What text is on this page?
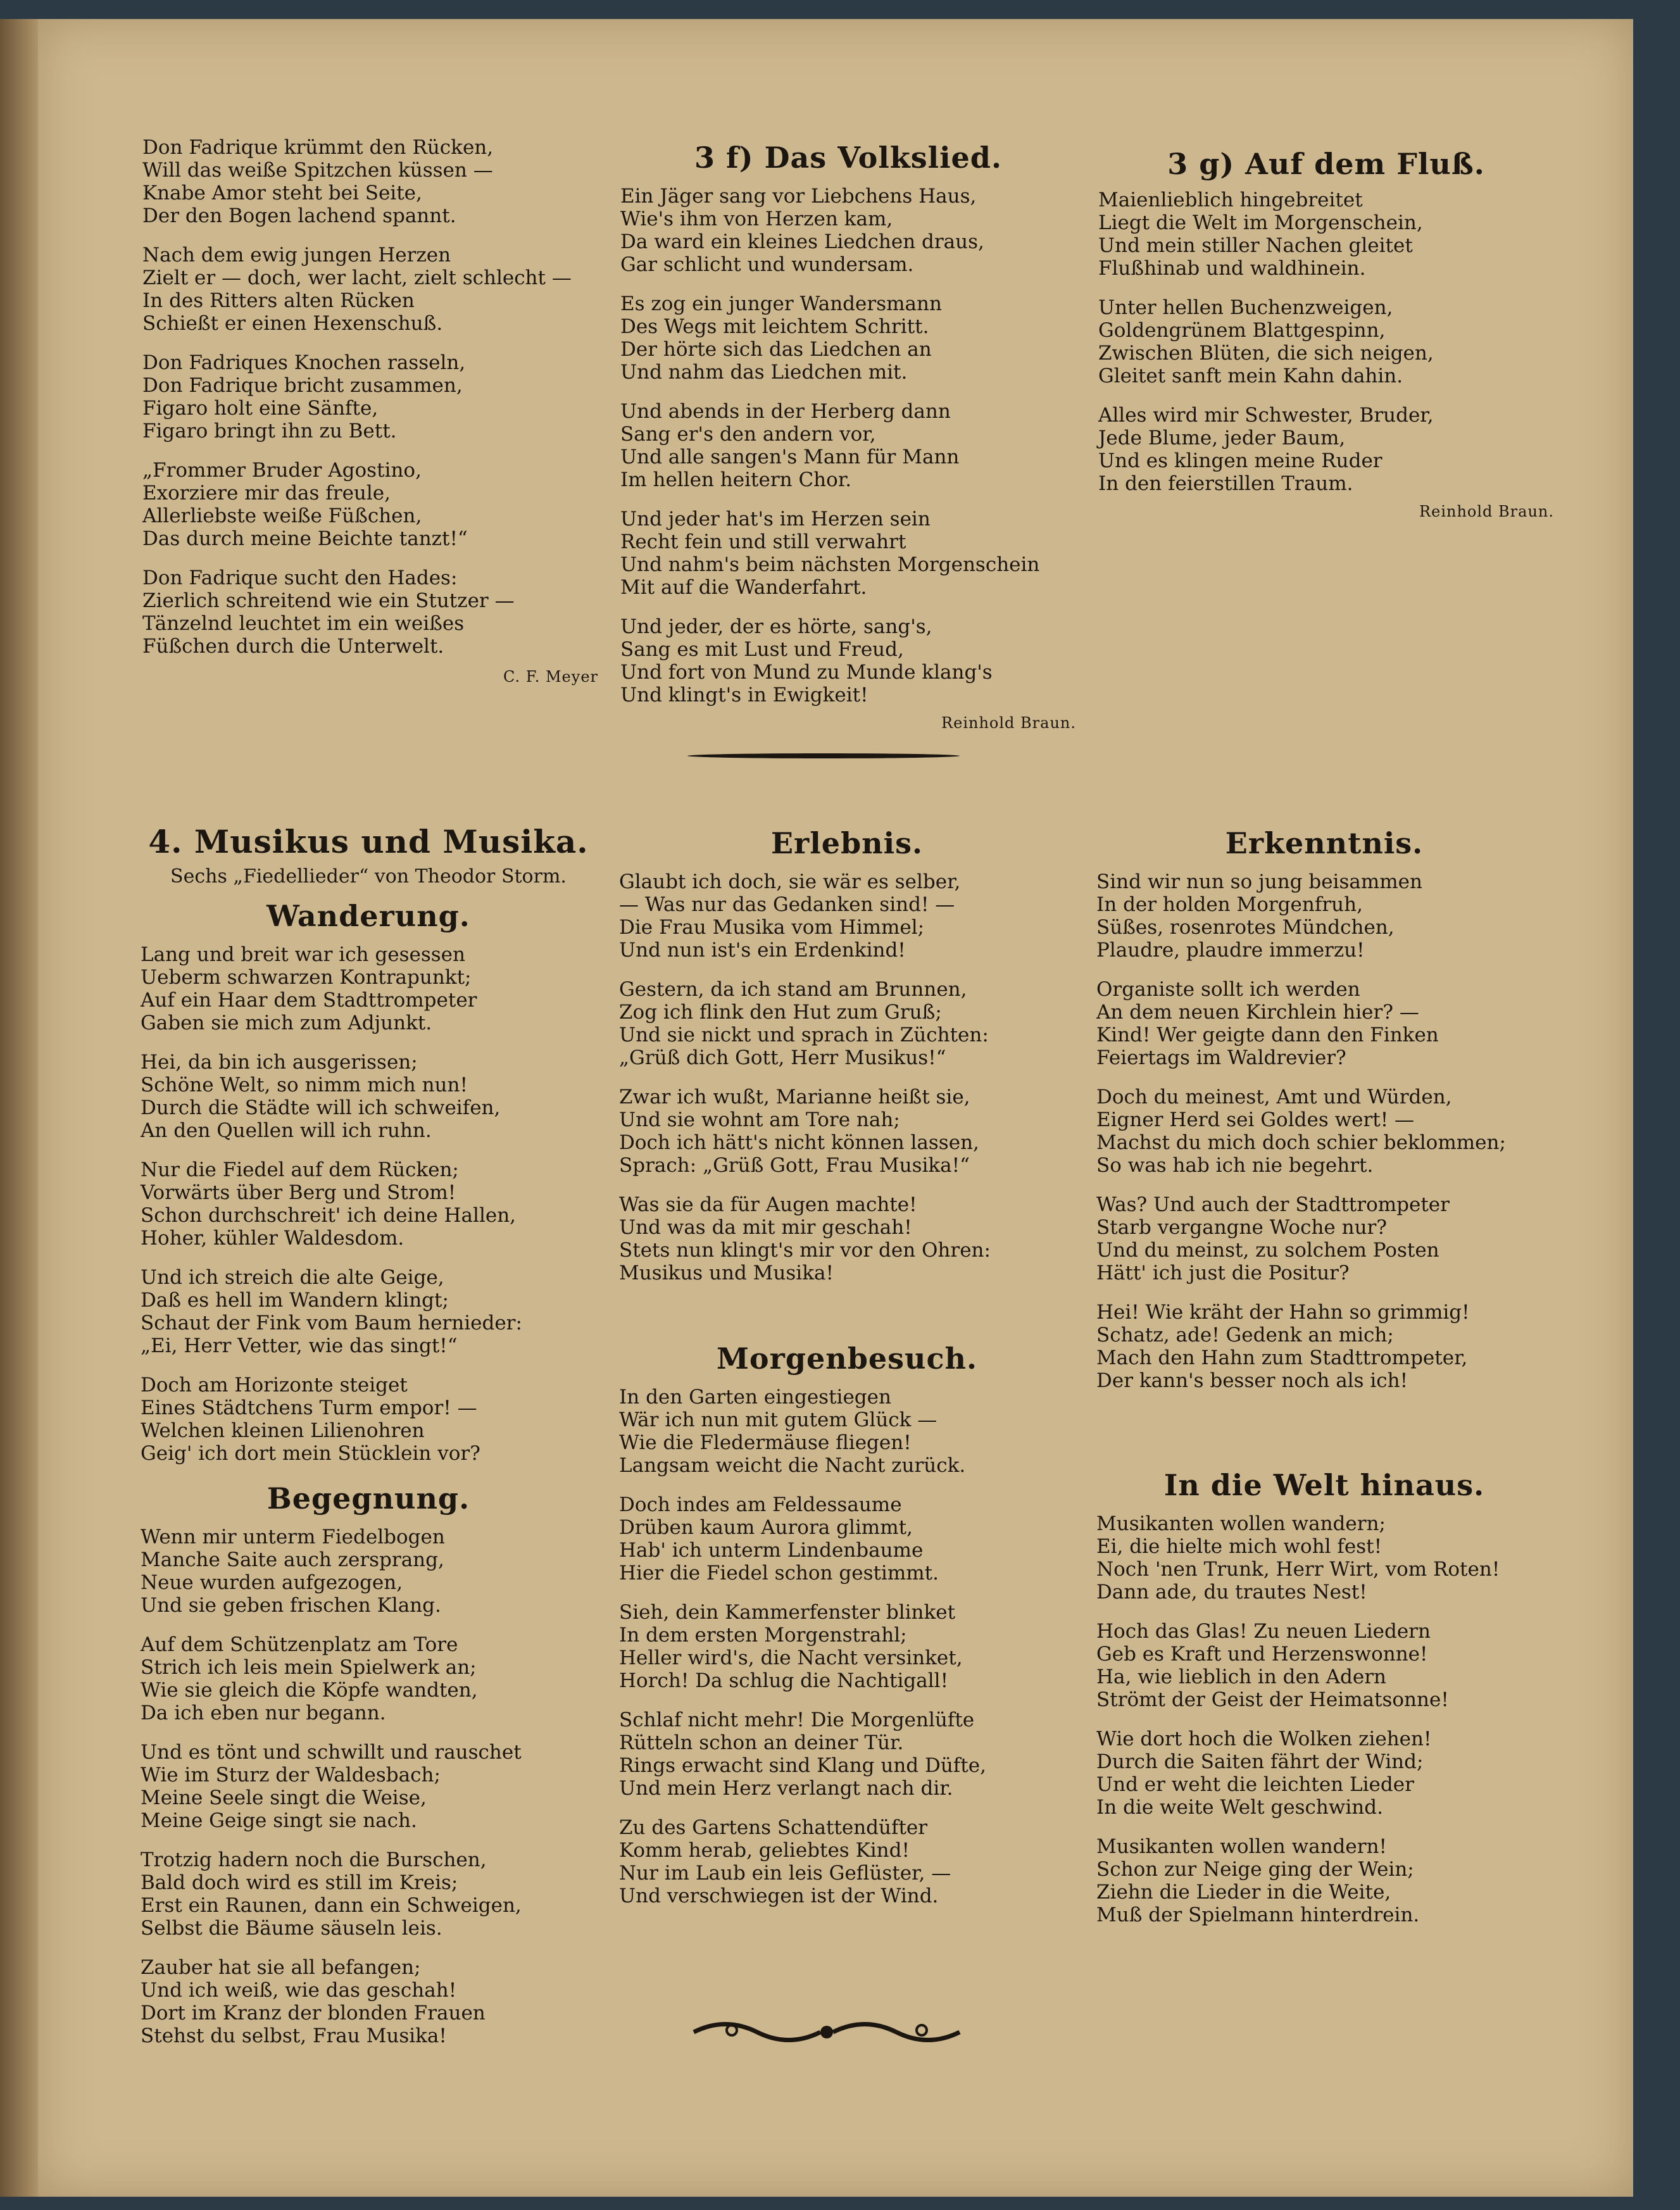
Don Fadrique krümmt den Rücken,
Will das weiße Spitzchen küssen —
Knabe Amor steht bei Seite,
Der den Bogen lachend spannt.
Nach dem ewig jungen Herzen
Zielt er — doch, wer lacht, zielt schlecht —
In des Ritters alten Rücken
Schießt er einen Hexenschuß.
Don Fadriques Knochen rasseln,
Don Fadrique bricht zusammen,
Figaro holt eine Sänfte,
Figaro bringt ihn zu Bett.
„Frommer Bruder Agostino,
Exorziere mir das freule,
Allerliebste weiße Füßchen,
Das durch meine Beichte tanzt!“
Don Fadrique sucht den Hades:
Zierlich schreitend wie ein Stutzer —
Tänzelnd leuchtet im ein weißes
Füßchen durch die Unterwelt.
C. F. Meyer
3 f) Das Volkslied.
Ein Jäger sang vor Liebchens Haus,
Wie's ihm von Herzen kam,
Da ward ein kleines Liedchen draus,
Gar schlicht und wundersam.
Es zog ein junger Wandersmann
Des Wegs mit leichtem Schritt.
Der hörte sich das Liedchen an
Und nahm das Liedchen mit.
Und abends in der Herberg dann
Sang er's den andern vor,
Und alle sangen's Mann für Mann
Im hellen heitern Chor.
Und jeder hat's im Herzen sein
Recht fein und still verwahrt
Und nahm's beim nächsten Morgenschein
Mit auf die Wanderfahrt.
Und jeder, der es hörte, sang's,
Sang es mit Lust und Freud,
Und fort von Mund zu Munde klang's
Und klingt's in Ewigkeit!
Reinhold Braun.
3 g) Auf dem Fluß.
Maienlieblich hingebreitet
Liegt die Welt im Morgenschein,
Und mein stiller Nachen gleitet
Flußhinab und waldhinein.
Unter hellen Buchenzweigen,
Goldengrünem Blattgespinn,
Zwischen Blüten, die sich neigen,
Gleitet sanft mein Kahn dahin.
Alles wird mir Schwester, Bruder,
Jede Blume, jeder Baum,
Und es klingen meine Ruder
In den feierstillen Traum.
Reinhold Braun.
4. Musikus und Musika.
Sechs „Fiedellieder“ von Theodor Storm.
Wanderung.
Lang und breit war ich gesessen
Ueberm schwarzen Kontrapunkt;
Auf ein Haar dem Stadttrompeter
Gaben sie mich zum Adjunkt.
Hei, da bin ich ausgerissen;
Schöne Welt, so nimm mich nun!
Durch die Städte will ich schweifen,
An den Quellen will ich ruhn.
Nur die Fiedel auf dem Rücken;
Vorwärts über Berg und Strom!
Schon durchschreit' ich deine Hallen,
Hoher, kühler Waldesdom.
Und ich streich die alte Geige,
Daß es hell im Wandern klingt;
Schaut der Fink vom Baum hernieder:
„Ei, Herr Vetter, wie das singt!“
Doch am Horizonte steiget
Eines Städtchens Turm empor! —
Welchen kleinen Lilienohren
Geig' ich dort mein Stücklein vor?
Begegnung.
Wenn mir unterm Fiedelbogen
Manche Saite auch zersprang,
Neue wurden aufgezogen,
Und sie geben frischen Klang.
Auf dem Schützenplatz am Tore
Strich ich leis mein Spielwerk an;
Wie sie gleich die Köpfe wandten,
Da ich eben nur begann.
Und es tönt und schwillt und rauschet
Wie im Sturz der Waldesbach;
Meine Seele singt die Weise,
Meine Geige singt sie nach.
Trotzig hadern noch die Burschen,
Bald doch wird es still im Kreis;
Erst ein Raunen, dann ein Schweigen,
Selbst die Bäume säuseln leis.
Zauber hat sie all befangen;
Und ich weiß, wie das geschah!
Dort im Kranz der blonden Frauen
Stehst du selbst, Frau Musika!
Erlebnis.
Glaubt ich doch, sie wär es selber,
— Was nur das Gedanken sind! —
Die Frau Musika vom Himmel;
Und nun ist's ein Erdenkind!
Gestern, da ich stand am Brunnen,
Zog ich flink den Hut zum Gruß;
Und sie nickt und sprach in Züchten:
„Grüß dich Gott, Herr Musikus!“
Zwar ich wußt, Marianne heißt sie,
Und sie wohnt am Tore nah;
Doch ich hätt's nicht können lassen,
Sprach: „Grüß Gott, Frau Musika!“
Was sie da für Augen machte!
Und was da mit mir geschah!
Stets nun klingt's mir vor den Ohren:
Musikus und Musika!
Morgenbesuch.
In den Garten eingestiegen
Wär ich nun mit gutem Glück —
Wie die Fledermäuse fliegen!
Langsam weicht die Nacht zurück.
Doch indes am Feldessaume
Drüben kaum Aurora glimmt,
Hab' ich unterm Lindenbaume
Hier die Fiedel schon gestimmt.
Sieh, dein Kammerfenster blinket
In dem ersten Morgenstrahl;
Heller wird's, die Nacht versinket,
Horch! Da schlug die Nachtigall!
Schlaf nicht mehr! Die Morgenlüfte
Rütteln schon an deiner Tür.
Rings erwacht sind Klang und Düfte,
Und mein Herz verlangt nach dir.
Zu des Gartens Schattendüfter
Komm herab, geliebtes Kind!
Nur im Laub ein leis Geflüster, —
Und verschwiegen ist der Wind.
Erkenntnis.
Sind wir nun so jung beisammen
In der holden Morgenfruh,
Süßes, rosenrotes Mündchen,
Plaudre, plaudre immerzu!
Organiste sollt ich werden
An dem neuen Kirchlein hier? —
Kind! Wer geigte dann den Finken
Feiertags im Waldrevier?
Doch du meinest, Amt und Würden,
Eigner Herd sei Goldes wert! —
Machst du mich doch schier beklommen;
So was hab ich nie begehrt.
Was? Und auch der Stadttrompeter
Starb vergangne Woche nur?
Und du meinst, zu solchem Posten
Hätt' ich just die Positur?
Hei! Wie kräht der Hahn so grimmig!
Schatz, ade! Gedenk an mich;
Mach den Hahn zum Stadttrompeter,
Der kann's besser noch als ich!
In die Welt hinaus.
Musikanten wollen wandern;
Ei, die hielte mich wohl fest!
Noch 'nen Trunk, Herr Wirt, vom Roten!
Dann ade, du trautes Nest!
Hoch das Glas! Zu neuen Liedern
Geb es Kraft und Herzenswonne!
Ha, wie lieblich in den Adern
Strömt der Geist der Heimatsonne!
Wie dort hoch die Wolken ziehen!
Durch die Saiten fährt der Wind;
Und er weht die leichten Lieder
In die weite Welt geschwind.
Musikanten wollen wandern!
Schon zur Neige ging der Wein;
Ziehn die Lieder in die Weite,
Muß der Spielmann hinterdrein.
